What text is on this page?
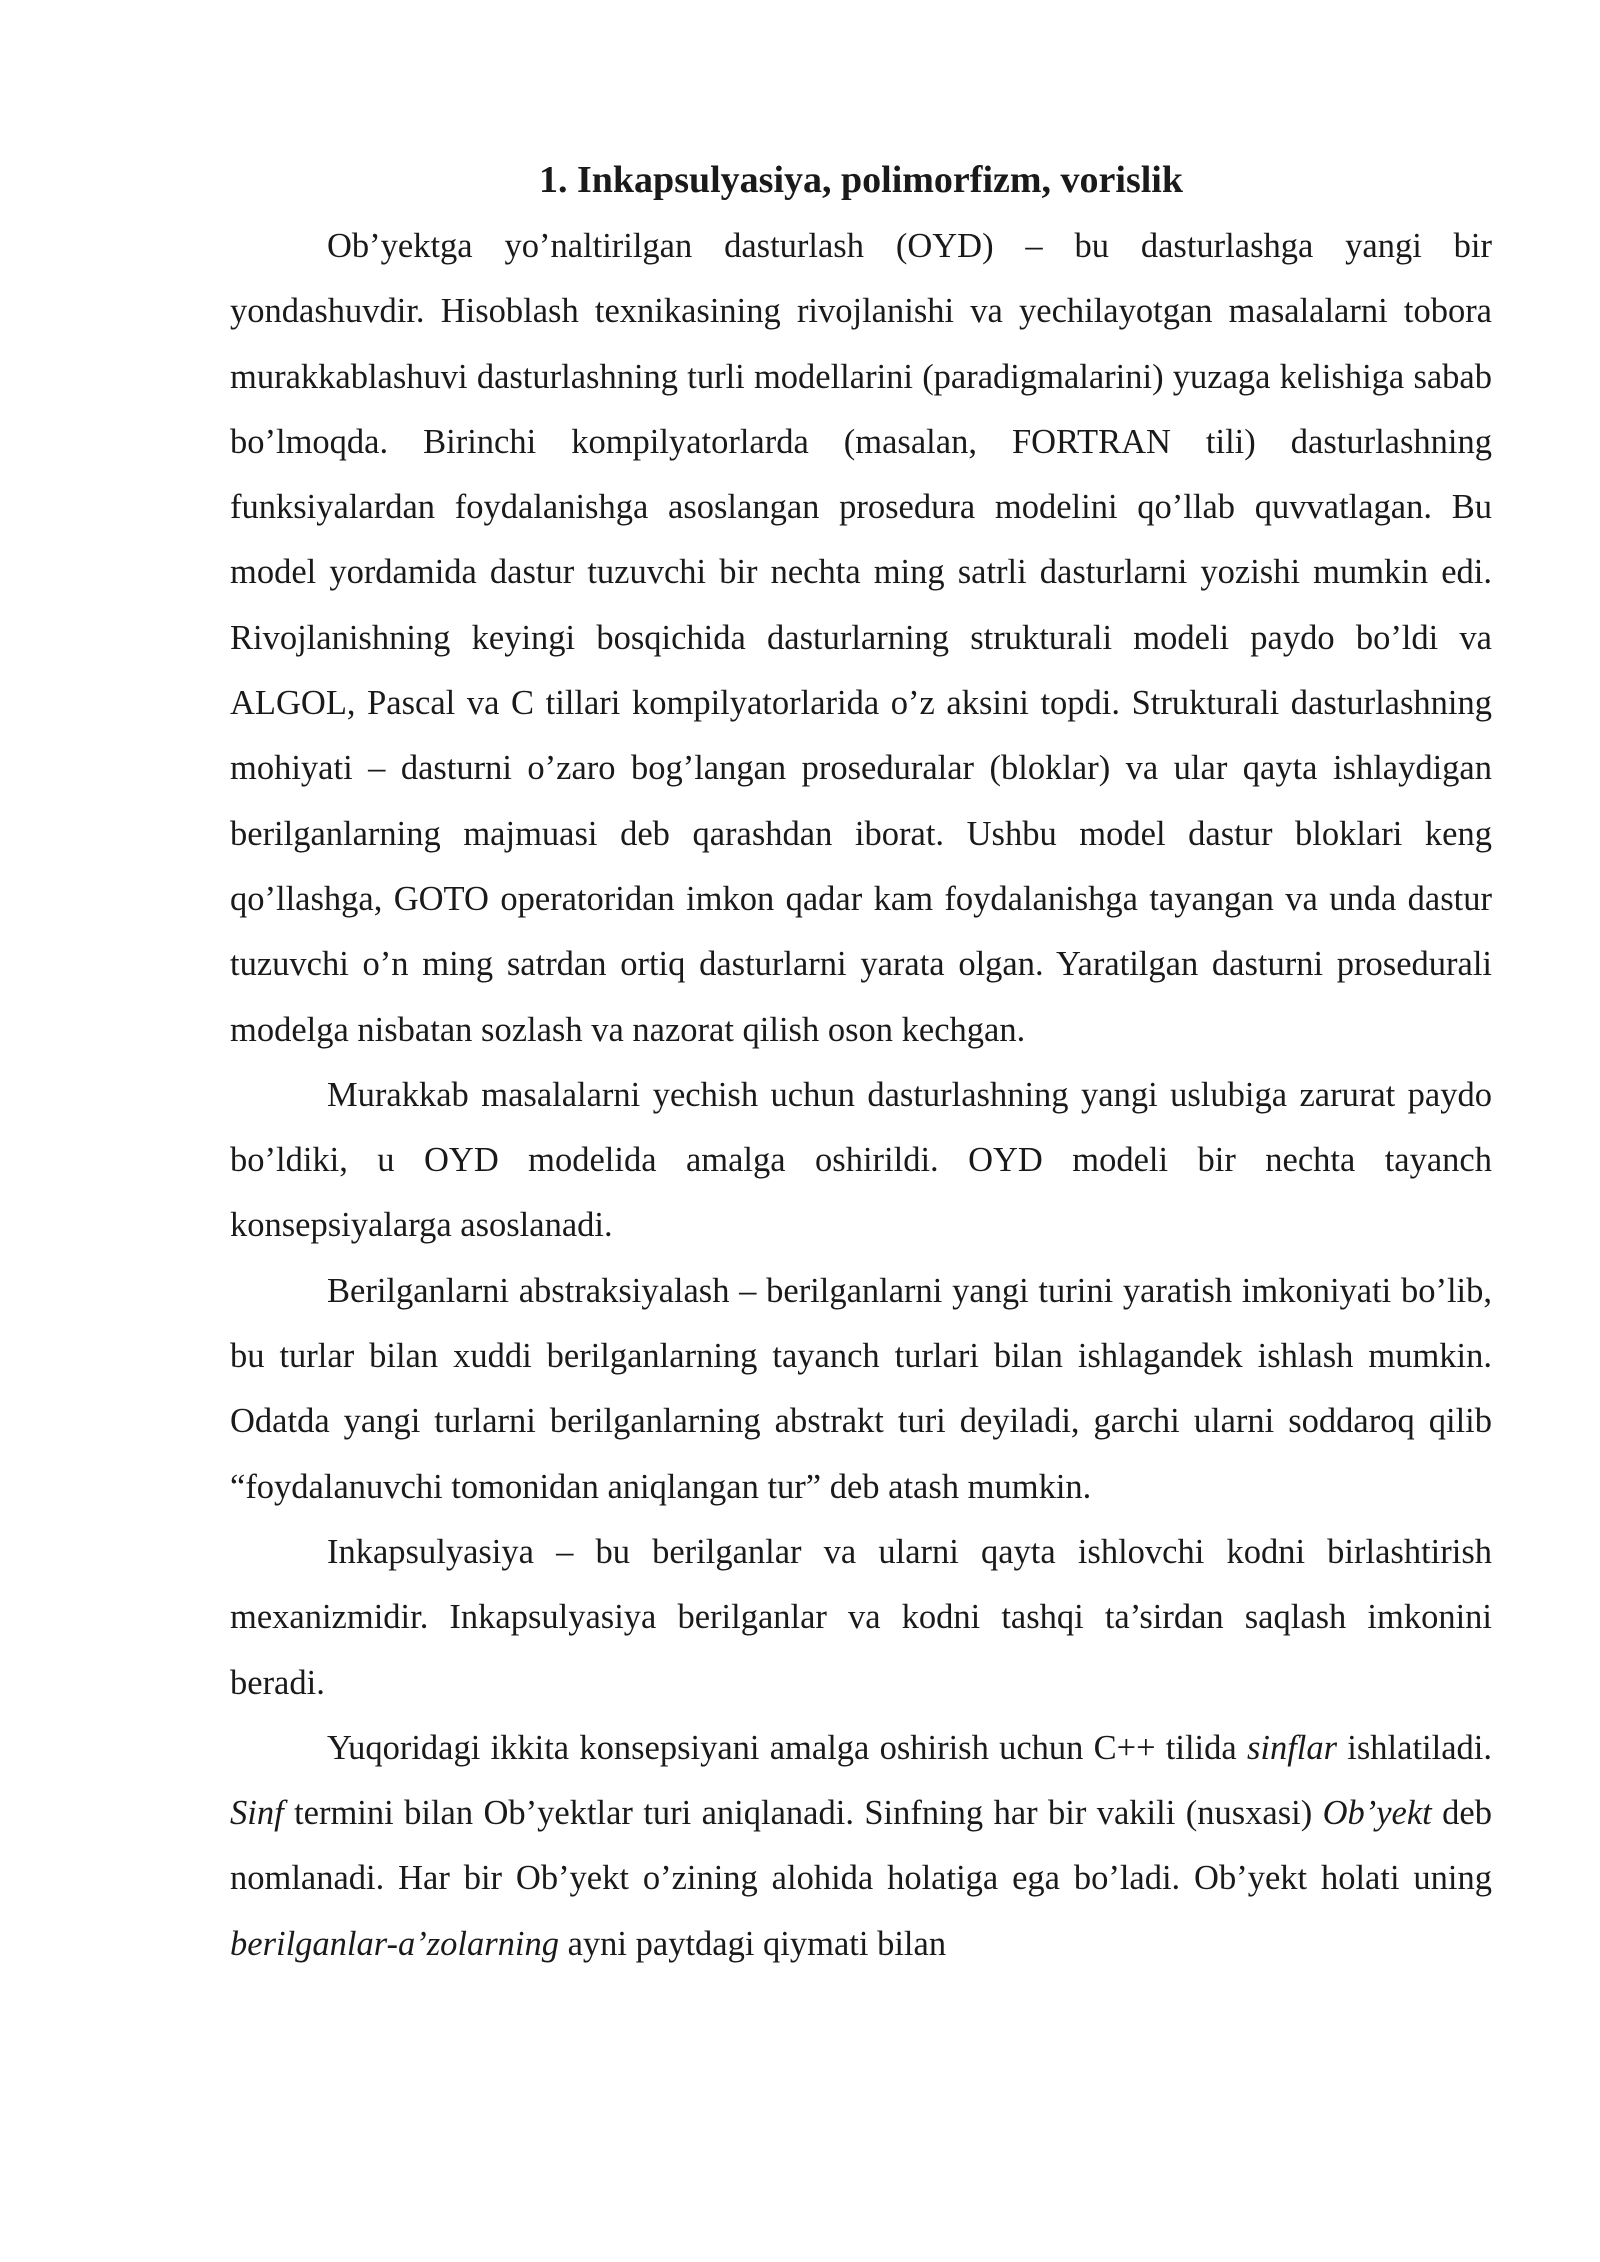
1. Inkapsulyasiya, polimorfizm, vorislik

Ob’yektga yo’naltirilgan dasturlash (OYD) – bu dasturlashga yangi bir yondashuvdir. Hisoblash texnikasining rivojlanishi va yechilayotgan masalalarni tobora murakkablashuvi dasturlashning turli modellarini (paradigmalarini) yuzaga kelishiga sabab bo’lmoqda. Birinchi kompilyatorlarda (masalan, FORTRAN tili) dasturlashning funksiyalardan foydalanishga asoslangan prosedura modelini qo’llab quvvatlagan. Bu model yordamida dastur tuzuvchi bir nechta ming satrli dasturlarni yozishi mumkin edi. Rivojlanishning keyingi bosqichida dasturlarning strukturali modeli paydo bo’ldi va ALGOL, Pascal va C tillari kompilyatorlarida o’z aksini topdi. Strukturali dasturlashning mohiyati – dasturni o’zaro bog’langan proseduralar (bloklar) va ular qayta ishlaydigan berilganlarning majmuasi deb qarashdan iborat. Ushbu model dastur bloklari keng qo’llashga, GOTO operatoridan imkon qadar kam foydalanishga tayangan va unda dastur tuzuvchi o’n ming satrdan ortiq dasturlarni yarata olgan. Yaratilgan dasturni prosedurali modelga nisbatan sozlash va nazorat qilish oson kechgan.

Murakkab masalalarni yechish uchun dasturlashning yangi uslubiga zarurat paydo bo’ldiki, u OYD modelida amalga oshirildi. OYD modeli bir nechta tayanch konsepsiyalarga asoslanadi.

Berilganlarni abstraksiyalash – berilganlarni yangi turini yaratish imkoniyati bo’lib, bu turlar bilan xuddi berilganlarning tayanch turlari bilan ishlagandek ishlash mumkin. Odatda yangi turlarni berilganlarning abstrakt turi deyiladi, garchi ularni soddaroq qilib “foydalanuvchi tomonidan aniqlangan tur” deb atash mumkin.

Inkapsulyasiya – bu berilganlar va ularni qayta ishlovchi kodni birlashtirish mexanizmidir. Inkapsulyasiya berilganlar va kodni tashqi ta’sirdan saqlash imkonini beradi.

Yuqoridagi ikkita konsepsiyani amalga oshirish uchun C++ tilida sinflar ishlatiladi. Sinf termini bilan Ob’yektlar turi aniqlanadi. Sinfning har bir vakili (nusxasi) Ob’yekt deb nomlanadi. Har bir Ob’yekt o’zining alohida holatiga ega bo’ladi. Ob’yekt holati uning berilganlar-a’zolarning ayni paytdagi qiymati bilan
